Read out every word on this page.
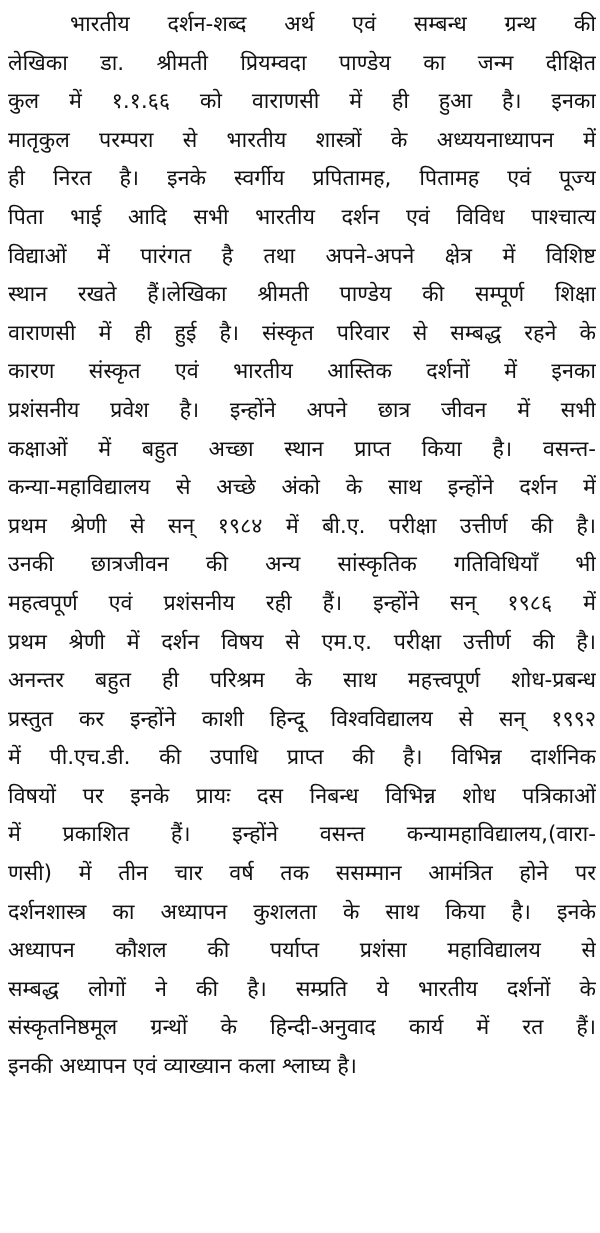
भारतीय दर्शन-शब्द अर्थ एवं सम्बन्ध ग्रन्थ की
लेखिका डा. श्रीमती प्रियम्वदा पाण्डेय का जन्म दीक्षित
कुल में १.१.६६ को वाराणसी में ही हुआ है। इनका
मातृकुल परम्परा से भारतीय शास्त्रों के अध्ययनाध्यापन में
ही निरत है। इनके स्वर्गीय प्रपितामह, पितामह एवं पूज्य
पिता भाई आदि सभी भारतीय दर्शन एवं विविध पाश्चात्य
विद्याओं में पारंगत है तथा अपने-अपने क्षेत्र में विशिष्ट
स्थान रखते हैं।लेखिका श्रीमती पाण्डेय की सम्पूर्ण शिक्षा
वाराणसी में ही हुई है। संस्कृत परिवार से सम्बद्ध रहने के
कारण संस्कृत एवं भारतीय आस्तिक दर्शनों में इनका
प्रशंसनीय प्रवेश है। इन्होंने अपने छात्र जीवन में सभी
कक्षाओं में बहुत अच्छा स्थान प्राप्त किया है। वसन्त-
कन्या-महाविद्यालय से अच्छे अंको के साथ इन्होंने दर्शन में
प्रथम श्रेणी से सन् १९८४ में बी.ए. परीक्षा उत्तीर्ण की है।
उनकी छात्रजीवन की अन्य सांस्कृतिक गतिविधियाँ भी
महत्वपूर्ण एवं प्रशंसनीय रही हैं। इन्होंने सन् १९८६ में
प्रथम श्रेणी में दर्शन विषय से एम.ए. परीक्षा उत्तीर्ण की है।
अनन्तर बहुत ही परिश्रम के साथ महत्त्वपूर्ण शोध-प्रबन्ध
प्रस्तुत कर इन्होंने काशी हिन्दू विश्वविद्यालय से सन् १९९२
में पी.एच.डी. की उपाधि प्राप्त की है। विभिन्न दार्शनिक
विषयों पर इनके प्रायः दस निबन्ध विभिन्न शोध पत्रिकाओं
में प्रकाशित हैं। इन्होंने वसन्त कन्यामहाविद्यालय,(वारा-
णसी) में तीन चार वर्ष तक ससम्मान आमंत्रित होने पर
दर्शनशास्त्र का अध्यापन कुशलता के साथ किया है। इनके
अध्यापन कौशल की पर्याप्त प्रशंसा महाविद्यालय से
सम्बद्ध लोगों ने की है। सम्प्रति ये भारतीय दर्शनों के
संस्कृतनिष्ठमूल ग्रन्थों के हिन्दी-अनुवाद कार्य में रत हैं।
इनकी अध्यापन एवं व्याख्यान कला श्लाघ्य है।
